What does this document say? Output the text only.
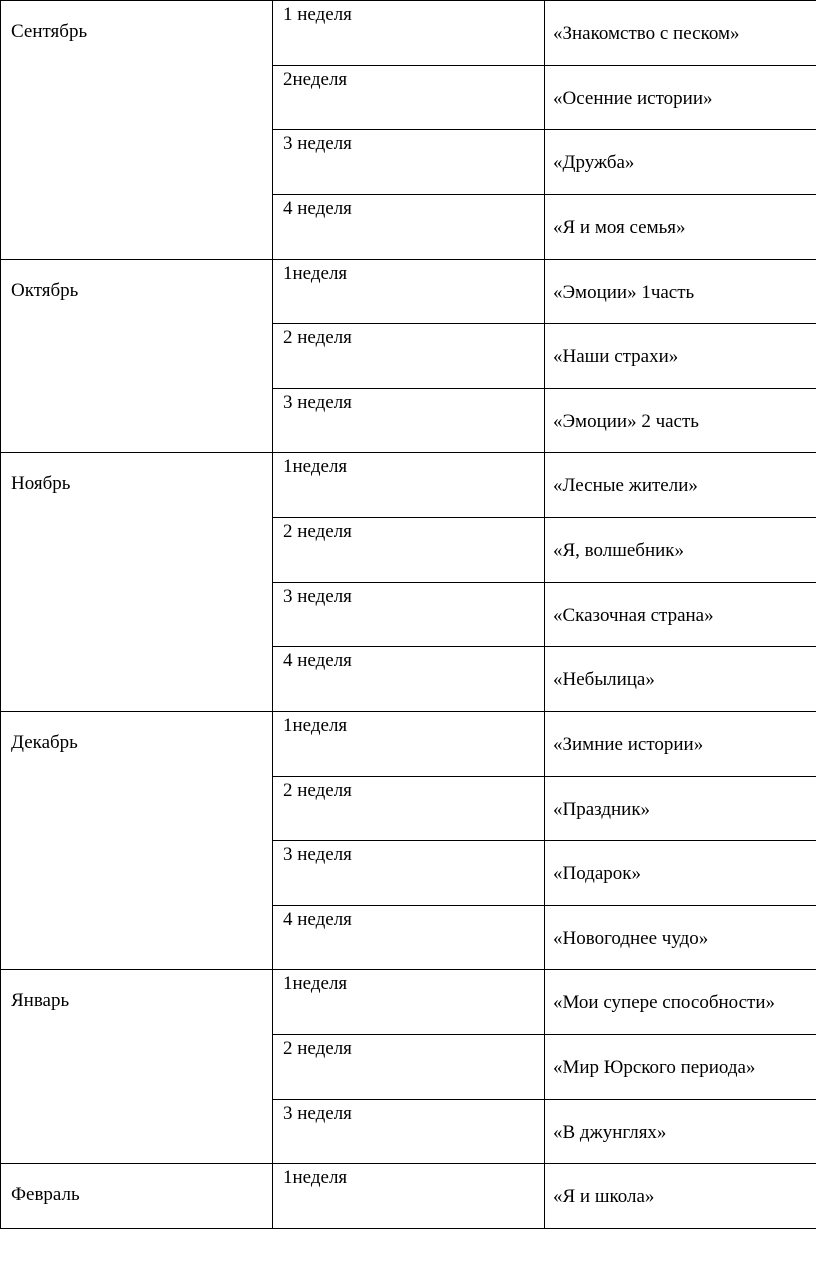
Сентябрь	1 неделя	«Знакомство с песком»

	2неделя	«Осенние истории»

	3 неделя	«Дружба»

	4 неделя	«Я и моя семья»

Октябрь	1неделя	«Эмоции» 1часть

	2 неделя	«Наши страхи»

	3 неделя	«Эмоции» 2 часть

Ноябрь	1неделя	«Лесные жители»

	2 неделя	«Я, волшебник»

	3 неделя	«Сказочная страна»

	4 неделя	«Небылица»

Декабрь	1неделя	«Зимние истории»

	2 неделя	«Праздник»

	3 неделя	«Подарок»

	4 неделя	«Новогоднее чудо»

Январь	1неделя	«Мои супере способности»

	2 неделя	«Мир Юрского периода»

	3 неделя	«В джунглях»

Февраль	1неделя	«Я и школа»
